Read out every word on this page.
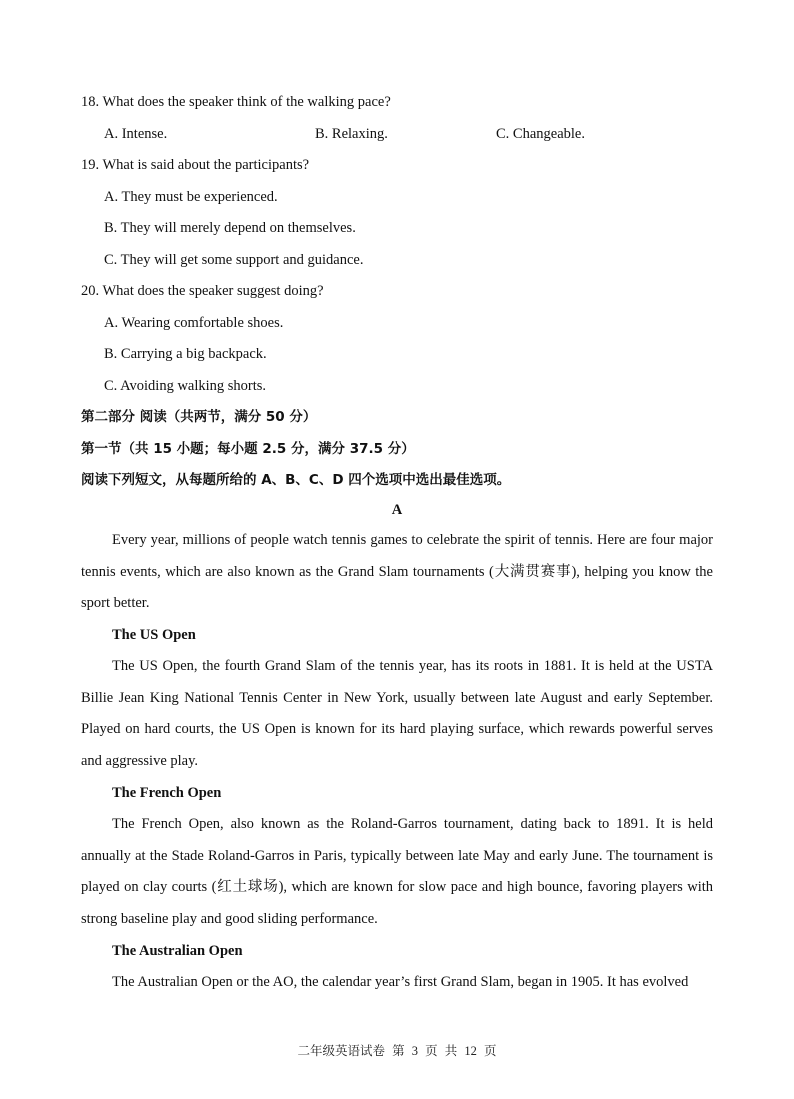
18. What does the speaker think of the walking pace?
A. Intense.	B. Relaxing.	C. Changeable.
19. What is said about the participants?
A. They must be experienced.
B. They will merely depend on themselves.
C. They will get some support and guidance.
20. What does the speaker suggest doing?
A. Wearing comfortable shoes.
B. Carrying a big backpack.
C. Avoiding walking shorts.
第二部分 阅读（共两节，满分 50 分）
第一节（共 15 小题；每小题 2.5 分，满分 37.5 分）
阅读下列短文，从每题所给的 A、B、C、D 四个选项中选出最佳选项。
A
Every year, millions of people watch tennis games to celebrate the spirit of tennis. Here are four major tennis events, which are also known as the Grand Slam tournaments (大满贯赛事), helping you know the sport better.
The US Open
The US Open, the fourth Grand Slam of the tennis year, has its roots in 1881. It is held at the USTA Billie Jean King National Tennis Center in New York, usually between late August and early September. Played on hard courts, the US Open is known for its hard playing surface, which rewards powerful serves and aggressive play.
The French Open
The French Open, also known as the Roland-Garros tournament, dating back to 1891. It is held annually at the Stade Roland-Garros in Paris, typically between late May and early June. The tournament is played on clay courts (红土球场), which are known for slow pace and high bounce, favoring players with strong baseline play and good sliding performance.
The Australian Open
The Australian Open or the AO, the calendar year’s first Grand Slam, began in 1905. It has evolved
二年级英语试卷 第 3 页 共 12 页
